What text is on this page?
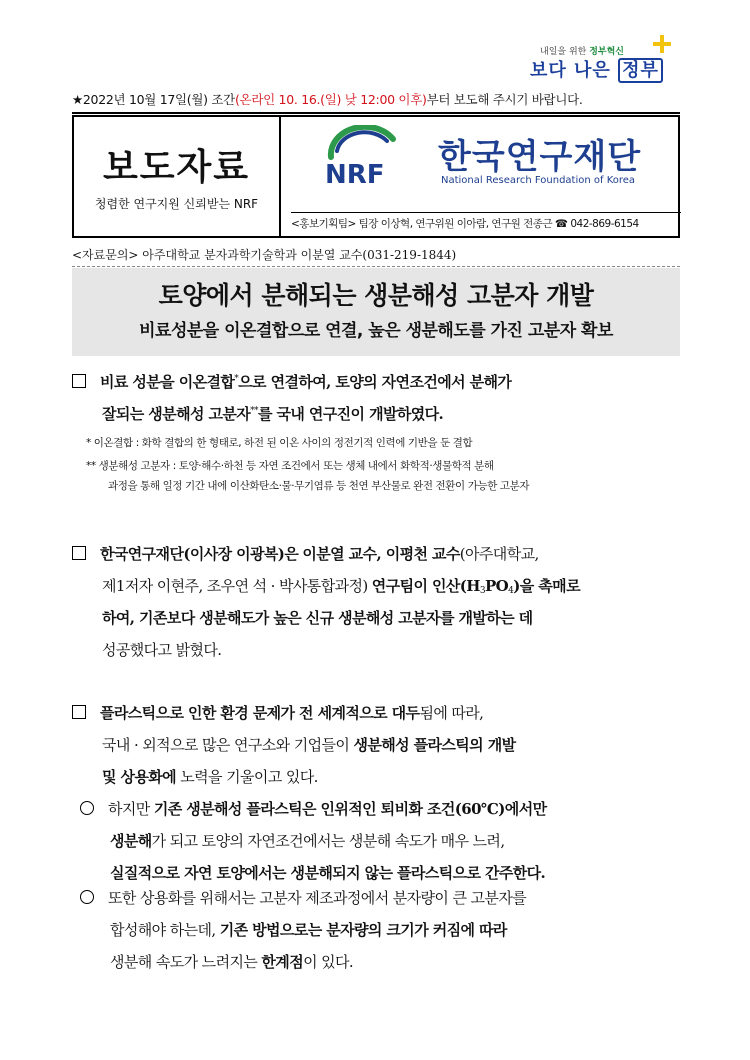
내일을 위한 정부혁신
보다 나은 정부
★2022년 10월 17일(월) 조간(온라인 10. 16.(일) 낮 12:00 이후)부터 보도해 주시기 바랍니다.
보도자료
청렴한 연구지원 신뢰받는 NRF
NRF 한국연구재단
National Research Foundation of Korea
<홍보기획팀> 팀장 이상혁, 연구위원 이아람, 연구원 전종근 ☎ 042-869-6154
<자료문의> 아주대학교 분자과학기술학과 이분열 교수(031-219-1844)
토양에서 분해되는 생분해성 고분자 개발
비료성분을 이온결합으로 연결, 높은 생분해도를 가진 고분자 확보
비료 성분을 이온결합*으로 연결하여, 토양의 자연조건에서 분해가
잘되는 생분해성 고분자**를 국내 연구진이 개발하였다.
* 이온결합 : 화학 결합의 한 형태로, 하전 된 이온 사이의 정전기적 인력에 기반을 둔 결합
** 생분해성 고분자 : 토양·해수·하천 등 자연 조건에서 또는 생체 내에서 화학적·생물학적 분해
과정을 통해 일정 기간 내에 이산화탄소·물·무기염류 등 천연 부산물로 완전 전환이 가능한 고분자
한국연구재단(이사장 이광복)은 이분열 교수, 이평천 교수(아주대학교,
제1저자 이현주, 조우연 석 · 박사통합과정) 연구팀이 인산$(H_3PO_4)$을 촉매로
하여, 기존보다 생분해도가 높은 신규 생분해성 고분자를 개발하는 데
성공했다고 밝혔다.
플라스틱으로 인한 환경 문제가 전 세계적으로 대두됨에 따라,
국내 · 외적으로 많은 연구소와 기업들이 생분해성 플라스틱의 개발
및 상용화에 노력을 기울이고 있다.
하지만 기존 생분해성 플라스틱은 인위적인 퇴비화 조건(60℃)에서만
생분해가 되고 토양의 자연조건에서는 생분해 속도가 매우 느려,
실질적으로 자연 토양에서는 생분해되지 않는 플라스틱으로 간주한다.
또한 상용화를 위해서는 고분자 제조과정에서 분자량이 큰 고분자를
합성해야 하는데, 기존 방법으로는 분자량의 크기가 커짐에 따라
생분해 속도가 느려지는 한계점이 있다.
